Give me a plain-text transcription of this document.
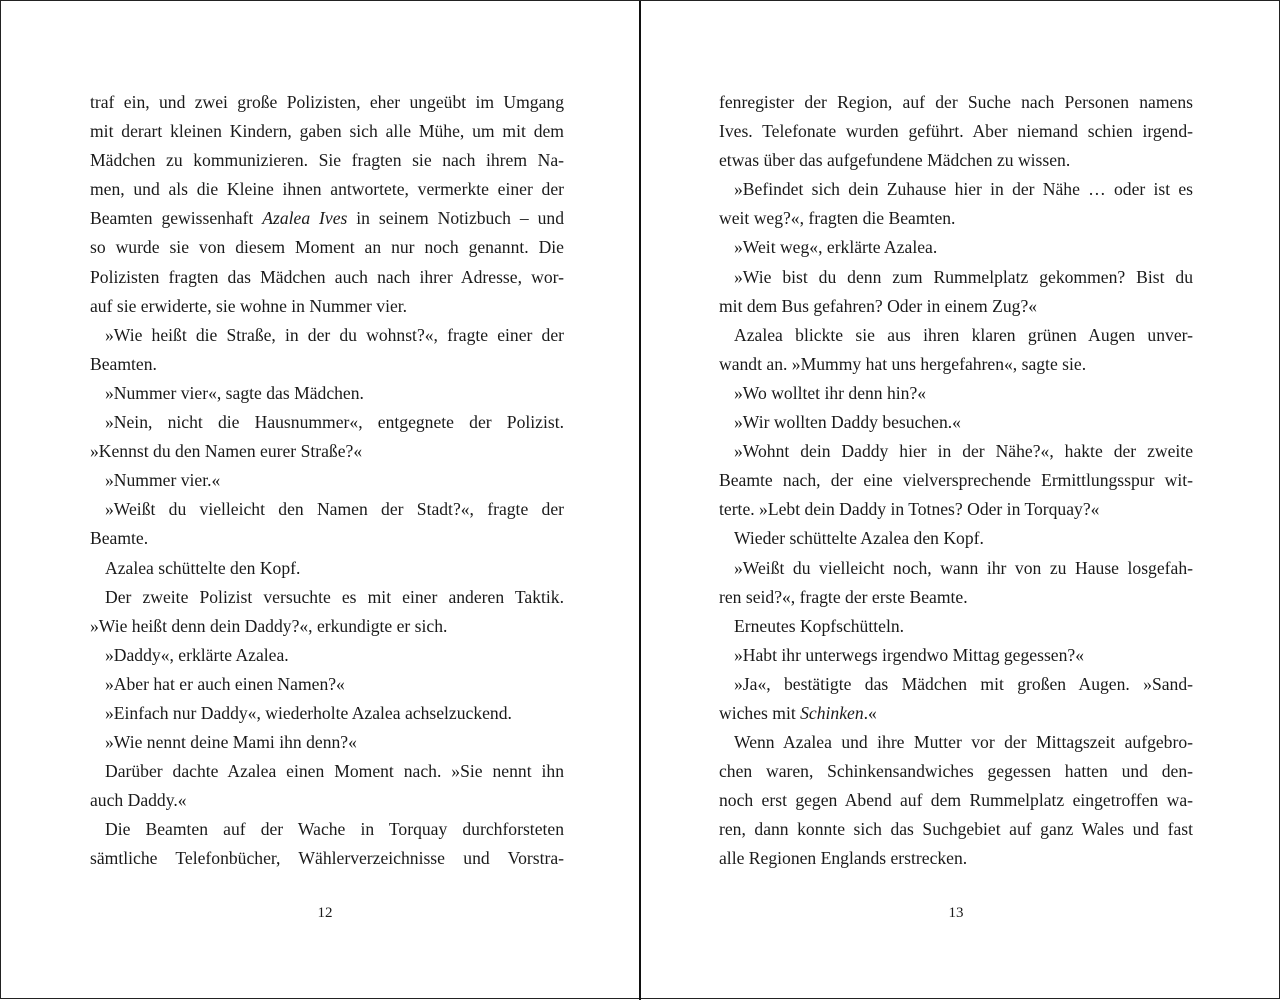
traf ein, und zwei große Polizisten, eher ungeübt im Umgang
mit derart kleinen Kindern, gaben sich alle Mühe, um mit dem
Mädchen zu kommunizieren. Sie fragten sie nach ihrem Na-
men, und als die Kleine ihnen antwortete, vermerkte einer der
Beamten gewissenhaft Azalea Ives in seinem Notizbuch – und
so wurde sie von diesem Moment an nur noch genannt. Die
Polizisten fragten das Mädchen auch nach ihrer Adresse, wor-
auf sie erwiderte, sie wohne in Nummer vier.
»Wie heißt die Straße, in der du wohnst?«, fragte einer der
Beamten.
»Nummer vier«, sagte das Mädchen.
»Nein, nicht die Hausnummer«, entgegnete der Polizist.
»Kennst du den Namen eurer Straße?«
»Nummer vier.«
»Weißt du vielleicht den Namen der Stadt?«, fragte der
Beamte.
Azalea schüttelte den Kopf.
Der zweite Polizist versuchte es mit einer anderen Taktik.
»Wie heißt denn dein Daddy?«, erkundigte er sich.
»Daddy«, erklärte Azalea.
»Aber hat er auch einen Namen?«
»Einfach nur Daddy«, wiederholte Azalea achselzuckend.
»Wie nennt deine Mami ihn denn?«
Darüber dachte Azalea einen Moment nach. »Sie nennt ihn
auch Daddy.«
Die Beamten auf der Wache in Torquay durchforsteten
sämtliche Telefonbücher, Wählerverzeichnisse und Vorstra-
12
fenregister der Region, auf der Suche nach Personen namens
Ives. Telefonate wurden geführt. Aber niemand schien irgend-
etwas über das aufgefundene Mädchen zu wissen.
»Befindet sich dein Zuhause hier in der Nähe … oder ist es
weit weg?«, fragten die Beamten.
»Weit weg«, erklärte Azalea.
»Wie bist du denn zum Rummelplatz gekommen? Bist du
mit dem Bus gefahren? Oder in einem Zug?«
Azalea blickte sie aus ihren klaren grünen Augen unver-
wandt an. »Mummy hat uns hergefahren«, sagte sie.
»Wo wolltet ihr denn hin?«
»Wir wollten Daddy besuchen.«
»Wohnt dein Daddy hier in der Nähe?«, hakte der zweite
Beamte nach, der eine vielversprechende Ermittlungsspur wit-
terte. »Lebt dein Daddy in Totnes? Oder in Torquay?«
Wieder schüttelte Azalea den Kopf.
»Weißt du vielleicht noch, wann ihr von zu Hause losgefah-
ren seid?«, fragte der erste Beamte.
Erneutes Kopfschütteln.
»Habt ihr unterwegs irgendwo Mittag gegessen?«
»Ja«, bestätigte das Mädchen mit großen Augen. »Sand-
wiches mit Schinken.«
Wenn Azalea und ihre Mutter vor der Mittagszeit aufgebro-
chen waren, Schinkensandwiches gegessen hatten und den-
noch erst gegen Abend auf dem Rummelplatz eingetroffen wa-
ren, dann konnte sich das Suchgebiet auf ganz Wales und fast
alle Regionen Englands erstrecken.
13
